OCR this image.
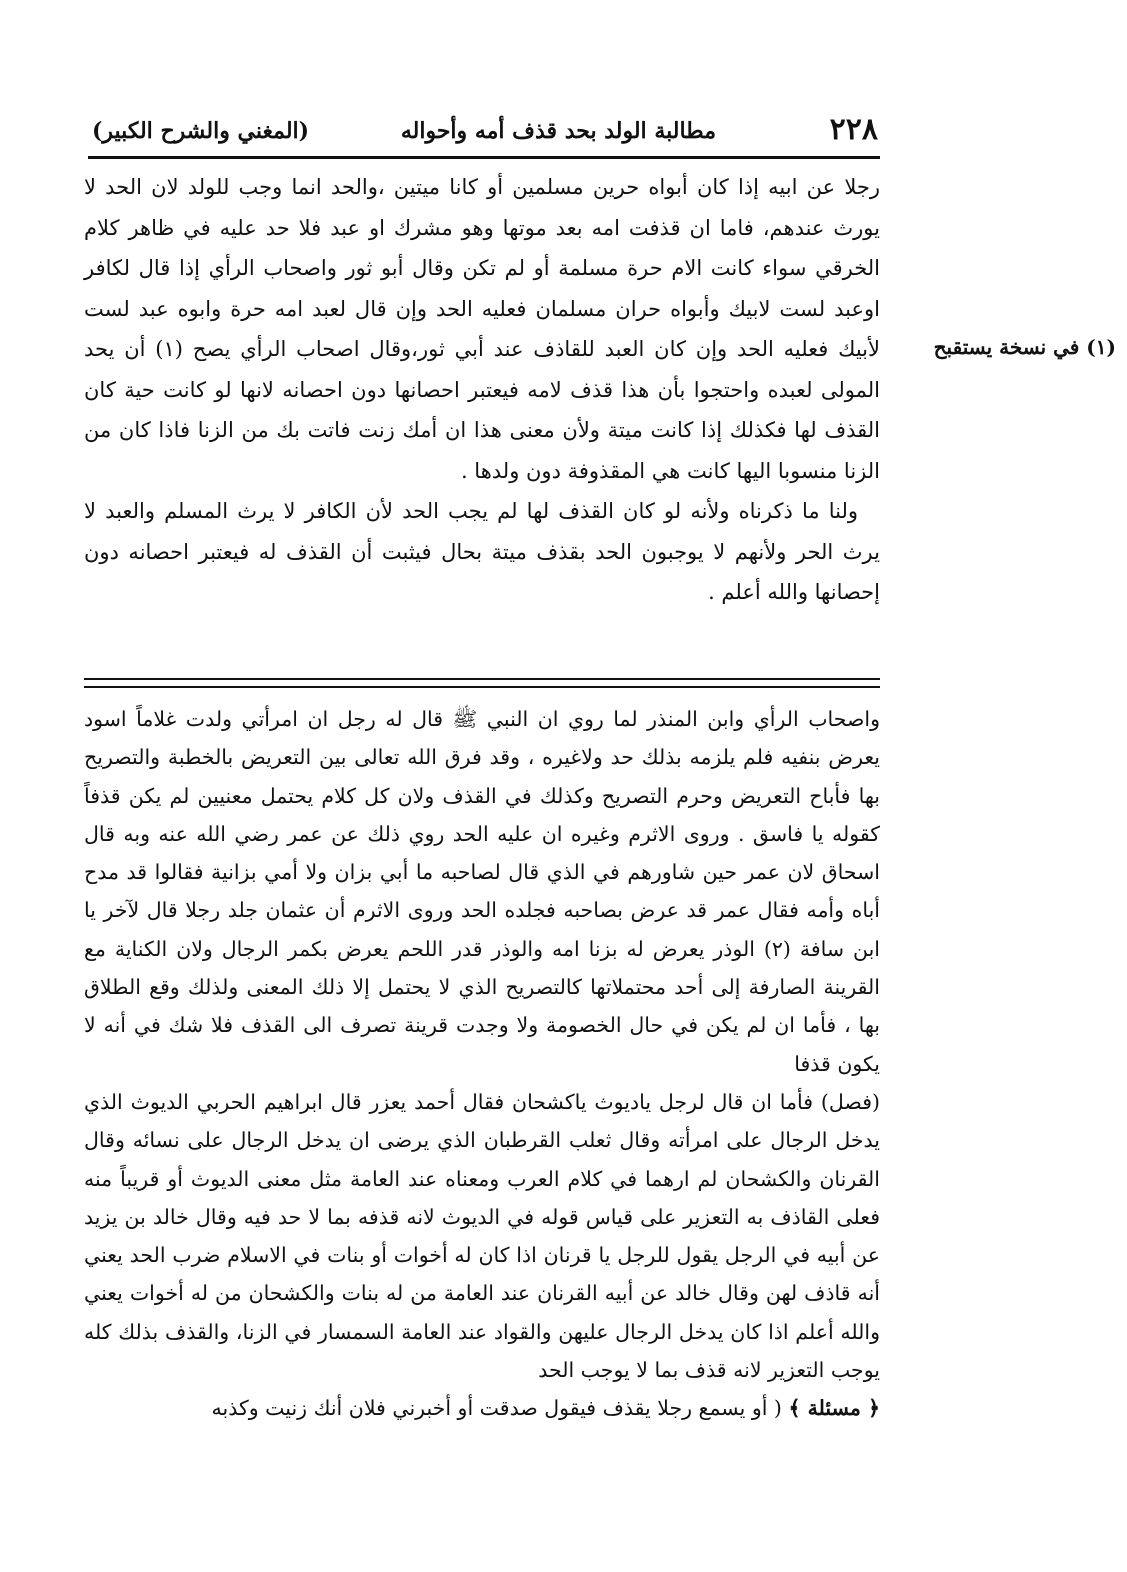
٢٢٨
مطالبة الولد بحد قذف أمه وأحواله
(المغني والشرح الكبير)
(١) في نسخة يستقبح

رجلا عن ابيه إذا كان أبواه حرين مسلمين أو كانا ميتين ،والحد انما وجب للولد لان الحد لا يورث عندهم، فاما ان قذفت امه بعد موتها وهو مشرك او عبد فلا حد عليه في ظاهر كلام الخرقي سواء كانت الام حرة مسلمة أو لم تكن وقال أبو ثور واصحاب الرأي إذا قال لكافر اوعبد لست لابيك وأبواه حران مسلمان فعليه الحد وإن قال لعبد امه حرة وابوه عبد لست لأبيك فعليه الحد وإن كان العبد للقاذف عند أبي ثور،وقال اصحاب الرأي يصح (١) أن يحد المولى لعبده واحتجوا بأن هذا قذف لامه فيعتبر احصانها دون احصانه لانها لو كانت حية كان القذف لها فكذلك إذا كانت ميتة ولأن معنى هذا ان أمك زنت فاتت بك من الزنا فاذا كان من الزنا منسوبا اليها كانت هي المقذوفة دون ولدها .

ولنا ما ذكرناه ولأنه لو كان القذف لها لم يجب الحد لأن الكافر لا يرث المسلم والعبد لا يرث الحر ولأنهم لا يوجبون الحد بقذف ميتة بحال فيثبت أن القذف له فيعتبر احصانه دون إحصانها والله أعلم .

واصحاب الرأي وابن المنذر لما روي ان النبي ﷺ قال له رجل ان امرأتي ولدت غلاماً اسود يعرض بنفيه فلم يلزمه بذلك حد ولاغيره ، وقد فرق الله تعالى بين التعريض بالخطبة والتصريح بها فأباح التعريض وحرم التصريح وكذلك في القذف ولان كل كلام يحتمل معنيين لم يكن قذفاً كقوله يا فاسق . وروى الاثرم وغيره ان عليه الحد روي ذلك عن عمر رضي الله عنه وبه قال اسحاق لان عمر حين شاورهم في الذي قال لصاحبه ما أبي بزان ولا أمي بزانية فقالوا قد مدح أباه وأمه فقال عمر قد عرض بصاحبه فجلده الحد وروى الاثرم أن عثمان جلد رجلا قال لآخر يا ابن سافة (٢) الوذر يعرض له بزنا امه والوذر قدر اللحم يعرض بكمر الرجال ولان الكناية مع القرينة الصارفة إلى أحد محتملاتها كالتصريح الذي لا يحتمل إلا ذلك المعنى ولذلك وقع الطلاق بها ، فأما ان لم يكن في حال الخصومة ولا وجدت قرينة تصرف الى القذف فلا شك في أنه لا يكون قذفا

(فصل) فأما ان قال لرجل ياديوث ياكشحان فقال أحمد يعزر قال ابراهيم الحربي الديوث الذي يدخل الرجال على امرأته وقال ثعلب القرطبان الذي يرضى ان يدخل الرجال على نسائه وقال القرنان والكشحان لم ارهما في كلام العرب ومعناه عند العامة مثل معنى الديوث أو قريباً منه فعلى القاذف به التعزير على قياس قوله في الديوث لانه قذفه بما لا حد فيه وقال خالد بن يزيد عن أبيه في الرجل يقول للرجل يا قرنان اذا كان له أخوات أو بنات في الاسلام ضرب الحد يعني أنه قاذف لهن وقال خالد عن أبيه القرنان عند العامة من له بنات والكشحان من له أخوات يعني والله أعلم اذا كان يدخل الرجال عليهن والقواد عند العامة السمسار في الزنا، والقذف بذلك كله يوجب التعزير لانه قذف بما لا يوجب الحد

﴿ مسئلة ﴾ ( أو يسمع رجلا يقذف فيقول صدقت أو أخبرني فلان أنك زنيت وكذبه
